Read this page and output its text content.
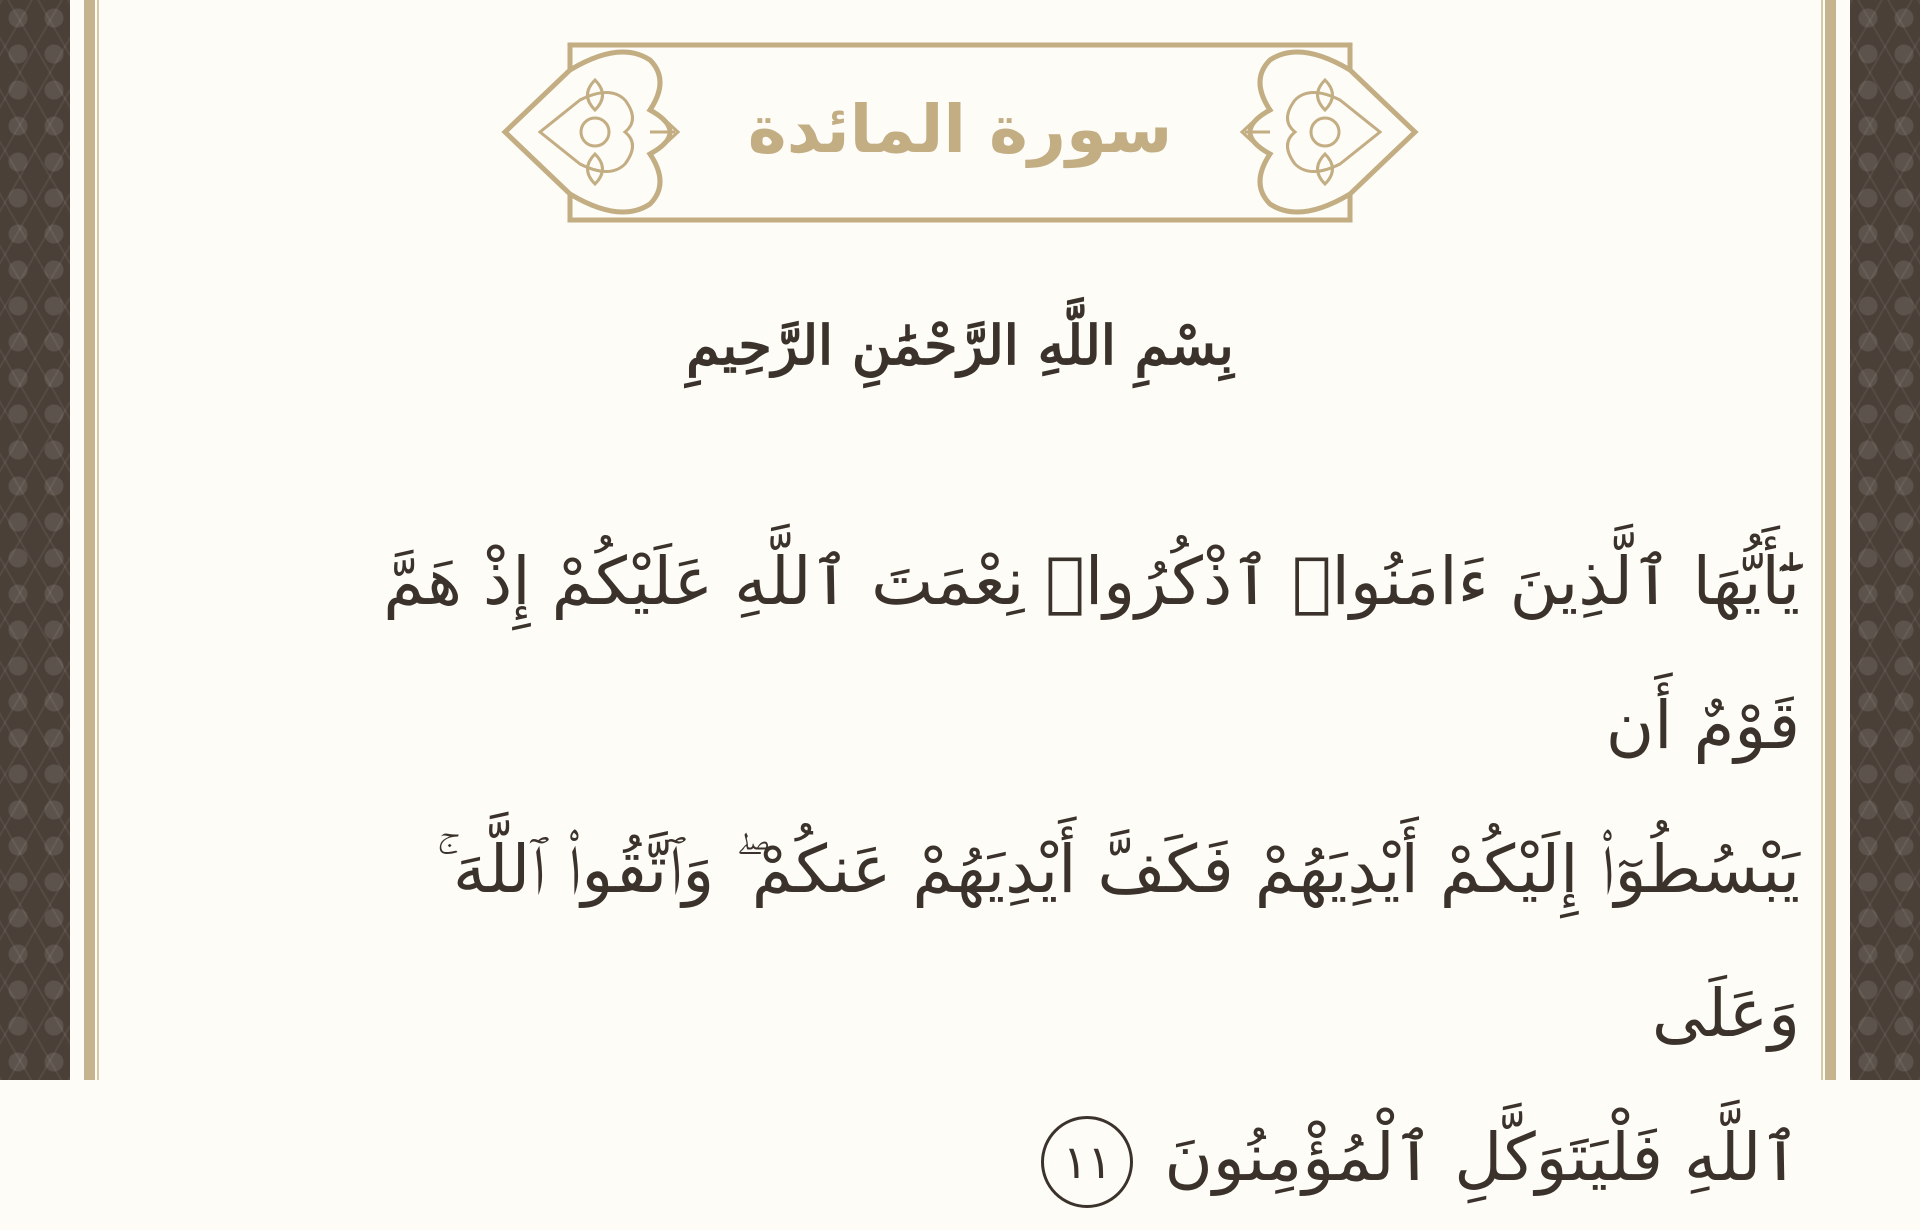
سورة المائدة
بِسْمِ اللَّهِ الرَّحْمَٰنِ الرَّحِيمِ
يَٰٓأَيُّهَا ٱلَّذِينَ ءَامَنُوا۟ ٱذْكُرُوا۟ نِعْمَتَ ٱللَّهِ عَلَيْكُمْ إِذْ هَمَّ قَوْمٌ أَن
يَبْسُطُوٓا۟ إِلَيْكُمْ أَيْدِيَهُمْ فَكَفَّ أَيْدِيَهُمْ عَنكُمْ ۖ وَٱتَّقُوا۟ ٱللَّهَ ۚ وَعَلَى
ٱللَّهِ فَلْيَتَوَكَّلِ ٱلْمُؤْمِنُونَ ١١
